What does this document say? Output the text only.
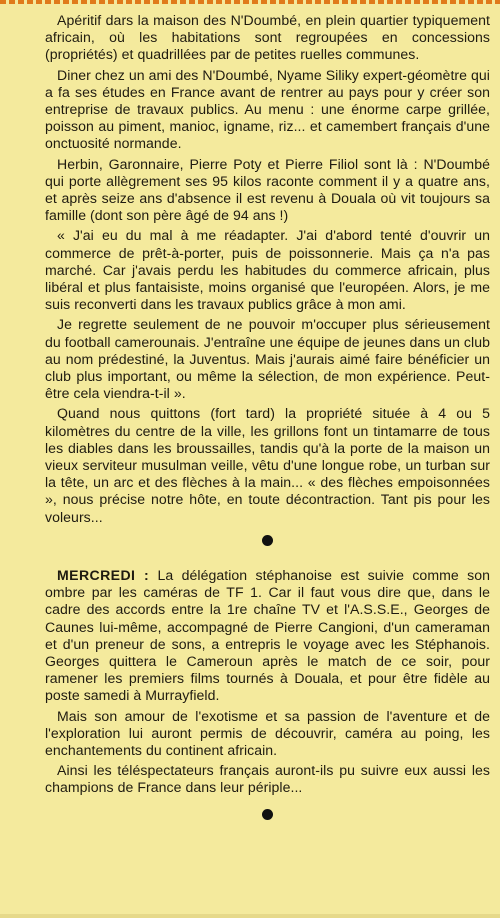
Apéritif dars la maison des N'Doumbé, en plein quartier typiquement africain, où les habitations sont regroupées en concessions (propriétés) et quadrillées par de petites ruelles communes.

Diner chez un ami des N'Doumbé, Nyame Siliky expert-géomètre qui a fa ses études en France avant de rentrer au pays pour y créer son entreprise de travaux publics. Au menu : une énorme carpe grillée, poisson au piment, manioc, igname, riz... et camembert français d'une onctuosité normande.

Herbin, Garonnaire, Pierre Poty et Pierre Filiol sont là : N'Doumbé qui porte allègrement ses 95 kilos raconte comment il y a quatre ans, et après seize ans d'absence il est revenu à Douala où vit toujours sa famille (dont son père âgé de 94 ans !)

« J'ai eu du mal à me réadapter. J'ai d'abord tenté d'ouvrir un commerce de prêt-à-porter, puis de poissonnerie. Mais ça n'a pas marché. Car j'avais perdu les habitudes du commerce africain, plus libéral et plus fantaisiste, moins organisé que l'européen. Alors, je me suis reconverti dans les travaux publics grâce à mon ami.

Je regrette seulement de ne pouvoir m'occuper plus sérieusement du football camerounais. J'entraîne une équipe de jeunes dans un club au nom prédestiné, la Juventus. Mais j'aurais aimé faire bénéficier un club plus important, ou même la sélection, de mon expérience. Peut-être cela viendra-t-il ».

Quand nous quittons (fort tard) la propriété située à 4 ou 5 kilomètres du centre de la ville, les grillons font un tintamarre de tous les diables dans les broussailles, tandis qu'à la porte de la maison un vieux serviteur musulman veille, vêtu d'une longue robe, un turban sur la tête, un arc et des flèches à la main... « des flèches empoisonnées », nous précise notre hôte, en toute décontraction. Tant pis pour les voleurs...

MERCREDI : La délégation stéphanoise est suivie comme son ombre par les caméras de TF 1. Car il faut vous dire que, dans le cadre des accords entre la 1re chaîne TV et l'A.S.S.E., Georges de Caunes lui-même, accompagné de Pierre Cangioni, d'un cameraman et d'un preneur de sons, a entrepris le voyage avec les Stéphanois. Georges quittera le Cameroun après le match de ce soir, pour ramener les premiers films tournés à Douala, et pour être fidèle au poste samedi à Murrayfield.

Mais son amour de l'exotisme et sa passion de l'aventure et de l'exploration lui auront permis de découvrir, caméra au poing, les enchantements du continent africain.

Ainsi les téléspectateurs français auront-ils pu suivre eux aussi les champions de France dans leur périple...
